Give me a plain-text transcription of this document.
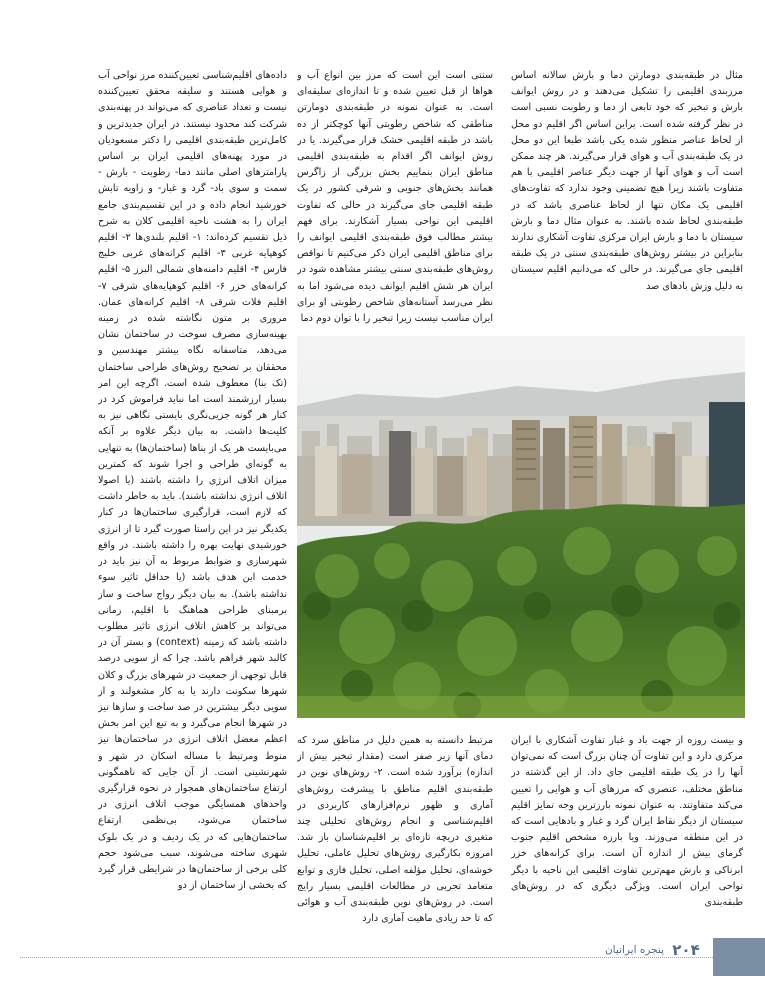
مثال در طبقه‌بندی دومارتن دما و بارش سالانه اساس مرزبندی اقلیمی را تشکیل می‌دهند و در روش ایوانف بارش و تبخیر که خود تابعی از دما و رطوبت نسبی است در نظر گرفته شده است. براین اساس اگر اقلیم دو محل از لحاظ عناصر منظور شده یکی باشد طبعا این دو محل در یک طبقه‌بندی آب و هوای قرار می‌گیرند. هر چند ممکن است آب و هوای آنها از جهت دیگر عناصر اقلیمی با هم متفاوت باشند زیرا هیچ تضمینی وجود ندارد که تفاوت‌های اقلیمی یک مکان تنها از لحاظ عناصری باشد که در طبقه‌بندی لحاظ شده باشند. به عنوان مثال دما و بارش سیستان با دما و بارش ایران مرکزی تفاوت آشکاری ندارند بنابراین در بیشتر روش‌های طبقه‌بندی سنتی در یک طبقه اقلیمی جای می‌گیرند. در حالی که می‌دانیم اقلیم سیستان به دلیل وزش بادهای صد

سنتی است این است که مرز بین انواع آب و هواها از قبل تعیین شده و تا اندازه‌ای سلیقه‌ای است. به عنوان نمونه در طبقه‌بندی دومارتن مناطقی که شاخص رطوبتی آنها کوچکتر از ده باشد در طبقه اقلیمی خشک قرار می‌گیرند. یا در روش ایوانف اگر اقدام به طبقه‌بندی اقلیمی مناطق ایران بنماییم بخش بزرگی از زاگرس همانند بخش‌های جنوبی و شرقی کشور در یک طبقه اقلیمی جای می‌گیرند در حالی که تفاوت اقلیمی این نواحی بسیار آشکارند. برای فهم بیشتر مطالب فوق طبقه‌بندی اقلیمی ایوانف را برای مناطق اقلیمی ایران ذکر می‌کنیم تا نواقص روش‌های طبقه‌بندی سنتی بیشتر مشاهده شود در ایران هر شش اقلیم ایوانف دیده می‌شود اما به نظر می‌رسد آستانه‌های شاخص رطوبتی او برای ایران مناسب نیست زیرا تبخیر را با توان دوم دما

داده‌های اقلیم‌شناسی تعیین‌کننده مرز نواحی آب و هوایی هستند و سلیقه محقق تعیین‌کننده نیست و تعداد عناصری که می‌تواند در پهنه‌بندی شرکت کند محدود نیستند. در ایران جدیدترین و کامل‌ترین طبقه‌بندی اقلیمی را دکتر مسعودیان در مورد پهنه‌های اقلیمی ایران بر اساس پارامترهای اصلی مانند دما- رطوبت - بارش - سمت و سوی باد- گرد و غبار- و زاویه تابش خورشید انجام داده و در این تقسیم‌بندی جامع ایران را به هشت ناحیه اقلیمی کلان به شرح ذیل تقسیم کرده‌اند: ۱- اقلیم بلندی‌ها ۲- اقلیم کوهپایه غربی ۳- اقلیم کرانه‌های غربی خلیج فارس ۴- اقلیم دامنه‌های شمالی البرز ۵- اقلیم کرانه‌های خزر ۶- اقلیم کوهپایه‌های شرقی ۷- اقلیم فلات شرقی ۸- اقلیم کرانه‌های عمان. مروری بر متون نگاشته شده در زمینه بهینه‌سازی مصرف سوخت در ساختمان نشان می‌دهد، متاسفانه نگاه بیشتر مهندسین و محققان بر تصحیح روش‌های طراحی ساختمان (تک بنا) معطوف شده است. اگرچه این امر بسیار ارزشمند است اما نباید فراموش کرد در کنار هر گونه جزیی‌نگری بایستی نگاهی نیز به کلیت‌ها داشت. به بیان دیگر علاوه بر آنکه می‌بایست هر یک از بناها (ساختمان‌ها) به تنهایی به گونه‌ای طراحی و اجرا شوند که کمترین میزان اتلاف انرژی را داشته باشند (یا اصولا اتلاف انرژی نداشته باشند). باید به خاطر داشت که لازم است، قرارگیری ساختمان‌ها در کنار یکدیگر نیز در این راستا صورت گیرد تا از انرژی خورشیدی نهایت بهره را داشته باشند. در واقع شهرسازی و ضوابط مربوط به آن نیز باید در خدمت این هدف باشد (یا حداقل تاثیر سوء نداشته باشد). به بیان دیگر رواج ساخت و ساز برمبنای طراحی هماهنگ با اقلیم، زمانی می‌تواند بر کاهش اتلاف انرژی تاثیر مطلوب داشته باشد که زمینه (context) و بستر آن در کالبد شهر فراهم باشد. چرا که از سویی درصد قابل توجهی از جمعیت در شهرهای بزرگ و کلان شهرها سکونت دارند یا به کار مشغولند و از سویی دیگر بیشترین در صد ساخت و سازها نیز در شهرها انجام می‌گیرد و به تبع این امر بخش اعظم معضل اتلاف انرژی در ساختمان‌ها نیز منوط ومرتبط با مساله اسکان در شهر و شهرنشینی است. از آن جایی که ناهمگونی ارتفاع ساختمان‌های همجوار در نحوه قرارگیری واحدهای همسایگی موجب اتلاف انرژی در ساختمان می‌شود، بی‌نظمی ارتفاع ساختمان‌هایی که در یک ردیف و در یک بلوک شهری ساخته می‌شوند، سبب می‌شود حجم کلی برخی از ساختمان‌ها در شرایطی قرار گیرد که بخشی از ساختمان از دو

مرتبط دانسته به همین دلیل در مناطق سرد که دمای آنها زیر صفر است (مقدار تبخیر بیش از اندازه) برآورد شده است. ۲- روش‌های نوین در طبقه‌بندی اقلیم مناطق با پیشرفت روش‌های آماری و ظهور نرم‌افزارهای کاربردی در اقلیم‌شناسی و انجام روش‌های تحلیلی چند متغیری دریچه تازه‌ای بر اقلیم‌شناسان باز شد. امروزه بکارگیری روش‌های تحلیل عاملی، تحلیل خوشه‌ای، تحلیل مؤلفه اصلی، تحلیل فازی و توابع متعامد تجربی در مطالعات اقلیمی بسیار رایج است. در روش‌های نوین طبقه‌بندی آب و هوائی که تا حد زیادی ماهیت آماری دارد

و بیست روزه از جهت باد و غبار تفاوت آشکاری با ایران مرکزی دارد و این تفاوت آن چنان بزرگ است که نمی‌توان آنها را در یک طبقه اقلیمی جای داد. از این گذشته در مناطق مختلف، عنصری که مرزهای آب و هوایی را تعیین می‌کند متفاوتند. به عنوان نمونه بارزترین وجه تمایز اقلیم سیستان از دیگر نقاط ایران گرد و غبار و بادهایی است که در این منطقه می‌وزند. ویا بارزه مشخص اقلیم جنوب گرمای بیش از اندازه آن است. برای کرانه‌های خزر ابرناکی و بارش مهم‌ترین تفاوت اقلیمی این ناحیه با دیگر نواحی ایران است. ویژگی دیگری که در روش‌های طبقه‌بندی

۲۰۴
پنجره ایرانیان
